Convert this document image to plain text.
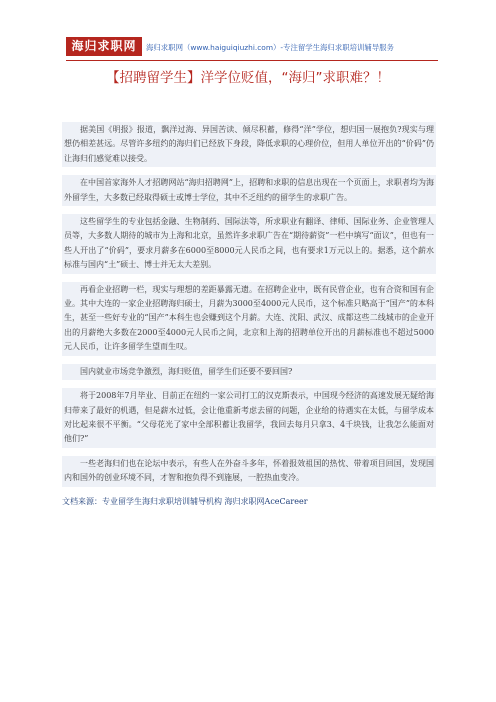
海归求职网	海归求职网（www.haiguiqiuzhi.com）-专注留学生海归求职培训辅导服务
【招聘留学生】洋学位贬值，“海归”求职难？！

据美国《明报》报道，飘洋过海、异国苦读、倾尽积蓄，修得“洋”学位，想归国一展抱负?现实与理想仍相差甚远。尽管许多纽约的海归们已经放下身段，降低求职的心理价位，但用人单位开出的“价码”仍让海归们感觉难以接受。

在中国首家海外人才招聘网站“海归招聘网”上，招聘和求职的信息出现在一个页面上，求职者均为海外留学生，大多数已经取得硕士或博士学位，其中不乏纽约的留学生的求职广告。

这些留学生的专业包括金融、生物制药、国际法等，所求职业有翻译、律师、国际业务、企业管理人员等，大多数人期待的城市为上海和北京，虽然许多求职广告在“期待薪资”一栏中填写“面议”，但也有一些人开出了“价码”，要求月薪多在6000至8000元人民币之间，也有要求1万元以上的。据悉，这个薪水标准与国内“土”硕士、博士并无太大差别。

再看企业招聘一栏，现实与理想的差距暴露无遗。在招聘企业中，既有民营企业，也有合资和国有企业。其中大连的一家企业招聘海归硕士，月薪为3000至4000元人民币，这个标准只略高于“国产”的本科生，甚至一些好专业的“国产”本科生也会赚到这个月薪。大连、沈阳、武汉、成都这些二线城市的企业开出的月薪绝大多数在2000至4000元人民币之间，北京和上海的招聘单位开出的月薪标准也不超过5000元人民币，让许多留学生望而生叹。

国内就业市场竞争激烈，海归贬值，留学生们还要不要回国?

将于2008年7月毕业、目前正在纽约一家公司打工的汉克斯表示，中国现今经济的高速发展无疑给海归带来了最好的机遇，但是薪水过低，会让他重新考虑去留的问题，企业给的待遇实在太低，与留学成本对比起来很不平衡。“父母花光了家中全部积蓄让我留学，我回去每月只拿3、4千块钱，让我怎么能面对他们?”

一些老海归们也在论坛中表示，有些人在外奋斗多年，怀着报效祖国的热忱、带着项目回国，发现国内和国外的创业环境不同，才智和抱负得不到施展，一腔热血变冷。

文档来源：专业留学生海归求职培训辅导机构 海归求职网AceCareer
